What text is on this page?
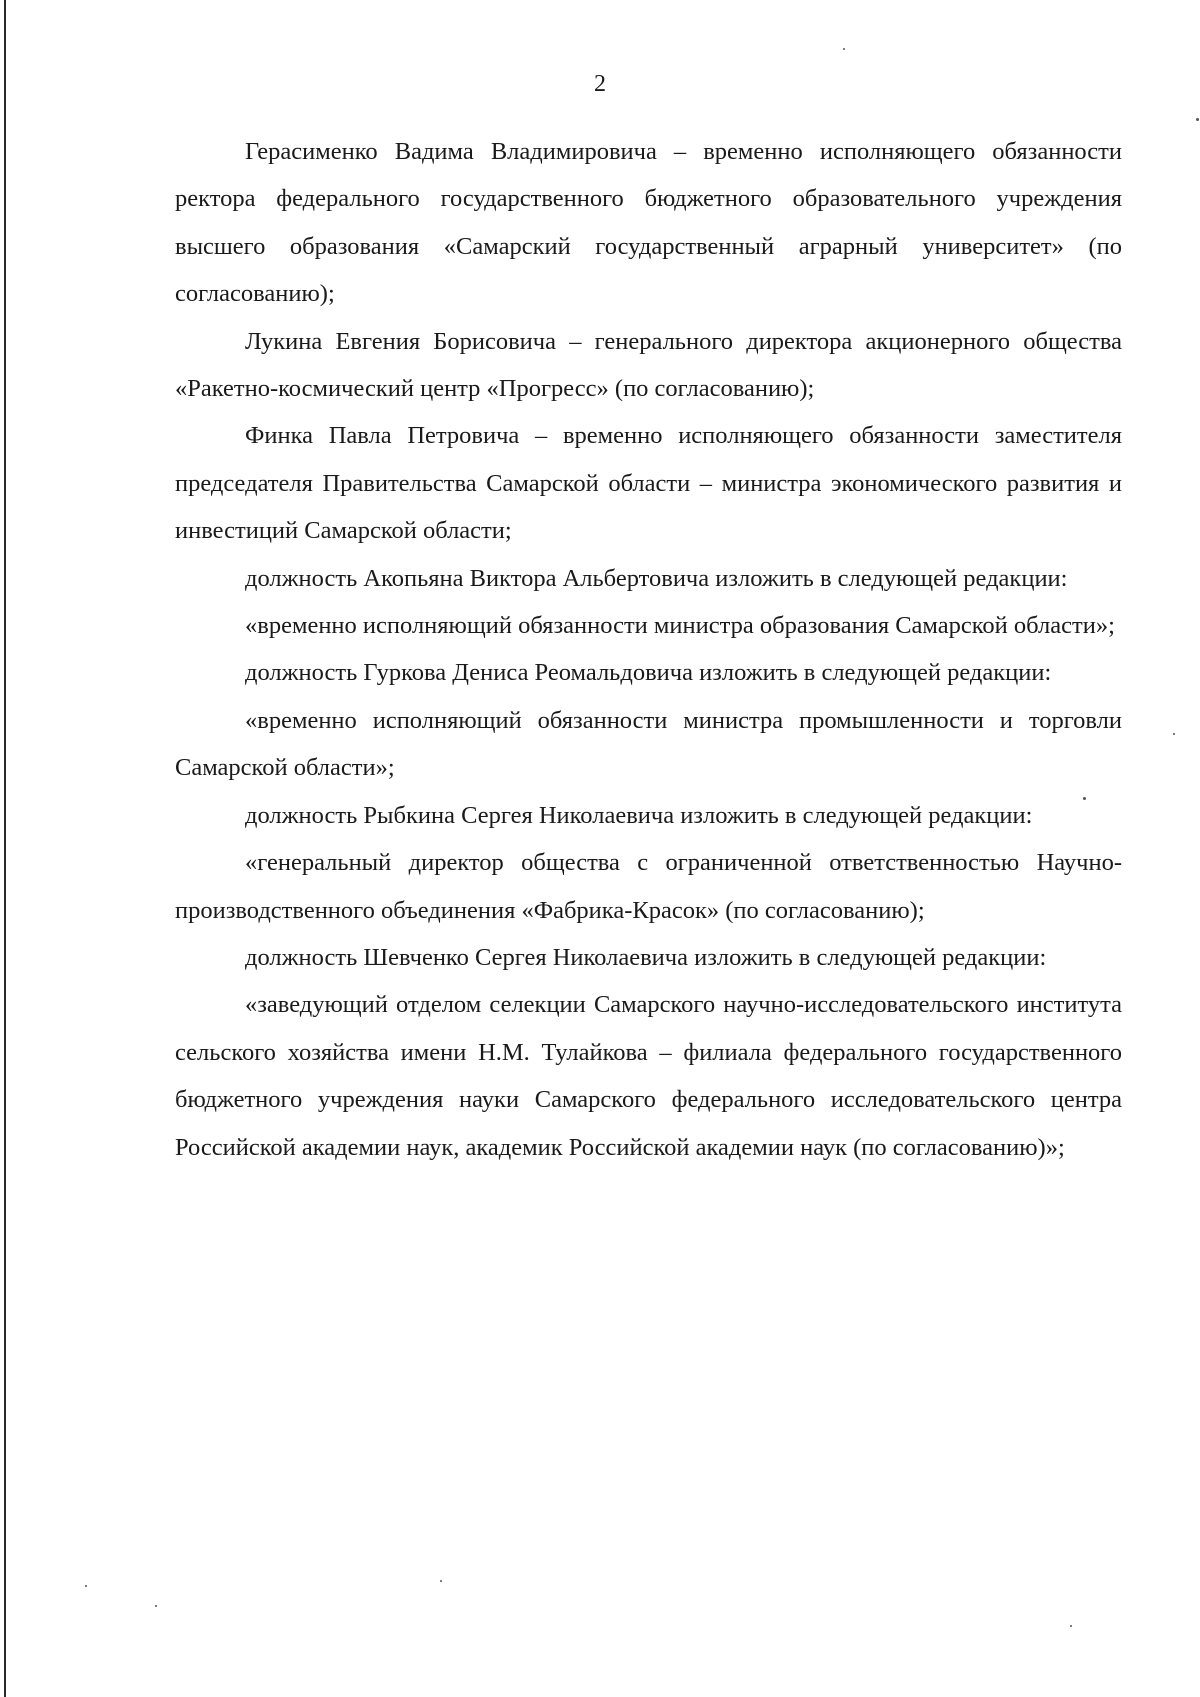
2

Герасименко Вадима Владимировича – временно исполняющего обязанности ректора федерального государственного бюджетного образовательного учреждения высшего образования «Самарский государственный аграрный университет» (по согласованию);

Лукина Евгения Борисовича – генерального директора акционерного общества «Ракетно-космический центр «Прогресс» (по согласованию);

Финка Павла Петровича – временно исполняющего обязанности заместителя председателя Правительства Самарской области – министра экономического развития и инвестиций Самарской области;

должность Акопьяна Виктора Альбертовича изложить в следующей редакции:

«временно исполняющий обязанности министра образования Самарской области»;

должность Гуркова Дениса Реомальдовича изложить в следующей редакции:

«временно исполняющий обязанности министра промышленности и торговли Самарской области»;

должность Рыбкина Сергея Николаевича изложить в следующей редакции:

«генеральный директор общества с ограниченной ответственностью Научно-производственного объединения «Фабрика-Красок» (по согласованию);

должность Шевченко Сергея Николаевича изложить в следующей редакции:

«заведующий отделом селекции Самарского научно-исследовательского института сельского хозяйства имени Н.М. Тулайкова – филиала федерального государственного бюджетного учреждения науки Самарского федерального исследовательского центра Российской академии наук, академик Российской академии наук (по согласованию)»;
